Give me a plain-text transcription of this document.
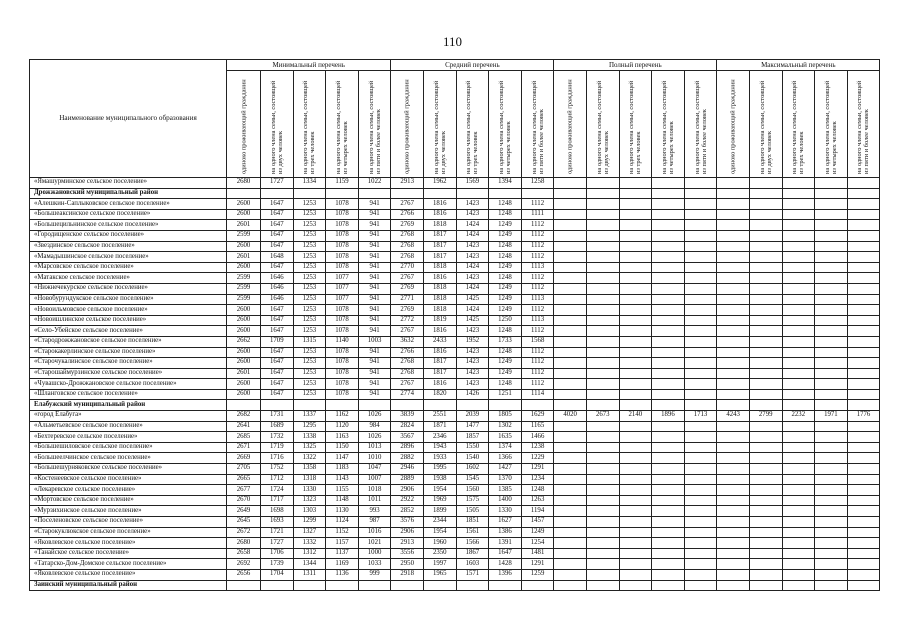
110
Наименование муниципального образования	Минимальный перечень					Средний перечень					Полный перечень					Максимальный перечень				

	одиноко проживающий гражданин	на одного члена семьи, состоящей из двух человек	на одного члена семьи, состоящей из трех человек	на одного члена семьи, состоящей из четырех человек	на одного члена семьи, состоящей из пяти и более человек	одиноко проживающий гражданин	на одного члена семьи, состоящей из двух человек	на одного члена семьи, состоящей из трех человек	на одного члена семьи, состоящей из четырех человек	на одного члена семьи, состоящей из пяти и более человек	одиноко проживающий гражданин	на одного члена семьи, состоящей из двух человек	на одного члена семьи, состоящей из трех человек	на одного члена семьи, состоящей из четырех человек	на одного члена семьи, состоящей из пяти и более человек	одиноко проживающий гражданин	на одного члена семьи, состоящей из двух человек	на одного члена семьи, состоящей из трех человек	на одного члена семьи, состоящей из четырех человек	на одного члена семьи, состоящей из пяти и более человек

«Ямашурминское сельское поселение»	2680	1727	1334	1159	1022	2913	1962	1569	1394	1258										
Дрожжановский муниципальный район																				
«Алешкин-Саплыковское сельское поселение»	2600	1647	1253	1078	941	2767	1816	1423	1248	1112										
«Большеаксинское сельское поселение»	2600	1647	1253	1078	941	2766	1816	1423	1248	1111										
«Большецильнинское сельское поселение»	2601	1647	1253	1078	941	2769	1818	1424	1249	1112										
«Городищенское сельское поселение»	2599	1647	1253	1078	941	2768	1817	1424	1249	1112										
«Звездинское сельское поселение»	2600	1647	1253	1078	941	2768	1817	1423	1248	1112										
«Мамадышинское сельское поселение»	2601	1648	1253	1078	941	2768	1817	1423	1248	1112										
«Марсовское сельское поселение»	2600	1647	1253	1078	941	2770	1818	1424	1249	1113										
«Матакское сельское поселение»	2599	1646	1253	1077	941	2767	1816	1423	1248	1112										
«Нижнечекурское сельское поселение»	2599	1646	1253	1077	941	2769	1818	1424	1249	1112										
«Новобурундукское сельское поселение»	2599	1646	1253	1077	941	2771	1818	1425	1249	1113										
«Новоильмовское сельское поселение»	2600	1647	1253	1078	941	2769	1818	1424	1249	1112										
«Новоишлинское сельское поселение»	2600	1647	1253	1078	941	2772	1819	1425	1250	1113										
«Село-Убейское сельское поселение»	2600	1647	1253	1078	941	2767	1816	1423	1248	1112										
«Стародрожжановское сельское поселение»	2662	1709	1315	1140	1003	3632	2433	1952	1733	1568										
«Старокакерлинское сельское поселение»	2600	1647	1253	1078	941	2766	1816	1423	1248	1112										
«Старочукалинское сельское поселение»	2600	1647	1253	1078	941	2768	1817	1423	1249	1112										
«Старошаймурзинское сельское поселение»	2601	1647	1253	1078	941	2768	1817	1423	1249	1112										
«Чувашско-Дрожжановское сельское поселение»	2600	1647	1253	1078	941	2767	1816	1423	1248	1112										
«Шланговское сельское поселение»	2600	1647	1253	1078	941	2774	1820	1426	1251	1114										
Елабужский муниципальный район																				
«город Елабуга»	2682	1731	1337	1162	1026	3839	2551	2039	1805	1629	4020	2673	2140	1896	1713	4243	2799	2232	1971	1776
«Альметьевское сельское поселение»	2641	1689	1295	1120	984	2824	1871	1477	1302	1165										
«Бехтеревское сельское поселение»	2685	1732	1338	1163	1026	3567	2346	1857	1635	1466										
«Большешиловское сельское поселение»	2671	1719	1325	1150	1013	2896	1943	1550	1374	1238										
«Большеелчинское сельское поселение»	2669	1716	1322	1147	1010	2882	1933	1540	1366	1229										
«Большешурняковское сельское поселение»	2705	1752	1358	1183	1047	2946	1995	1602	1427	1291										
«Костенеевское сельское поселение»	2665	1712	1318	1143	1007	2889	1938	1545	1370	1234										
«Лекаревское сельское поселение»	2677	1724	1330	1155	1018	2906	1954	1560	1385	1248										
«Мортовское сельское поселение»	2670	1717	1323	1148	1011	2922	1969	1575	1400	1263										
«Мурзихинское сельское поселение»	2649	1698	1303	1130	993	2852	1899	1505	1330	1194										
«Поселеновское сельское поселение»	2645	1693	1299	1124	987	3576	2344	1851	1627	1457										
«Старокуклюкское сельское поселение»	2672	1721	1327	1152	1016	2906	1954	1561	1386	1249										
«Яковлевское сельское поселение»	2680	1727	1332	1157	1021	2913	1960	1566	1391	1254										
«Танайское сельское поселение»	2658	1706	1312	1137	1000	3556	2350	1867	1647	1481										
«Татарско-Дом-Домское сельское поселение»	2692	1739	1344	1169	1033	2950	1997	1603	1428	1291										
«Яковлевское сельское поселение»	2656	1704	1311	1136	999	2918	1965	1571	1396	1259										
Заинский муниципальный район																				
